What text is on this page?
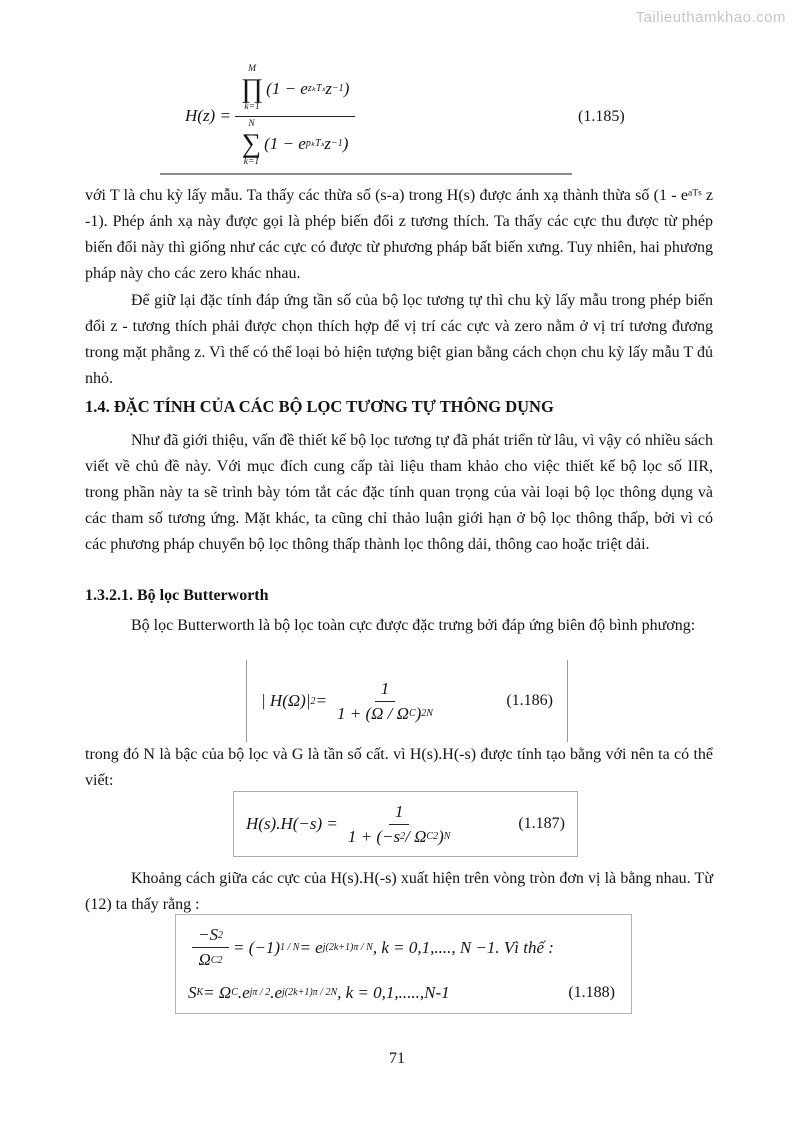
Tailieuthamkhao.com
H(z) =
M
∏
k=1
(1 − e zₖTₛ z −1 )
N
∑
k=1
(1 − e pₖTₛ z −1 )
(1.185)
với T là chu kỳ lấy mẫu. Ta thấy các thừa số (s-a) trong H(s) được ánh xạ thành thừa số (1 - eᵃᵀˢ z -1). Phép ánh xạ này được gọi là phép biến đổi z tương thích. Ta thấy các cực thu được từ phép biến đổi này thì giống như các cực có được từ phương pháp bất biến xưng. Tuy nhiên, hai phương pháp này cho các zero khác nhau.
Để giữ lại đặc tính đáp ứng tần số của bộ lọc tương tự thì chu kỳ lấy mẫu trong phép biến đổi z - tương thích phải được chọn thích hợp để vị trí các cực và zero nằm ở vị trí tương đương trong mặt phẳng z. Vì thế có thể loại bỏ hiện tượng biệt gian bằng cách chọn chu kỳ lấy mẫu T đủ nhỏ.
1.4. ĐẶC TÍNH CỦA CÁC BỘ LỌC TƯƠNG TỰ THÔNG DỤNG
Như đã giới thiệu, vấn đề thiết kế bộ lọc tương tự đã phát triển từ lâu, vì vậy có nhiều sách viết về chủ đề này. Với mục đích cung cấp tài liệu tham khảo cho việc thiết kế bộ lọc số IIR, trong phần này ta sẽ trình bày tóm tắt các đặc tính quan trọng của vài loại bộ lọc thông dụng và các tham số tương ứng. Mặt khác, ta cũng chỉ thảo luận giới hạn ở bộ lọc thông thấp, bởi vì có các phương pháp chuyển bộ lọc thông thấp thành lọc thông dải, thông cao hoặc triệt dải.
1.3.2.1. Bộ lọc Butterworth
Bộ lọc Butterworth là bộ lọc toàn cực được đặc trưng bởi đáp ứng biên độ bình phương:
| H(Ω)| $2 = \frac{1}{\text{1 + (Ω / Ω C ) 2N}}$	(1.186)
trong đó N là bậc của bộ lọc và G là tần số cất. vì H(s).H(-s) được tính tạo bằng với nên ta có thể viết:
$H(s).H(-s) = \frac{1}{\text{1 + (−s 2 / Ω C 2 ) N}}$	(1.187)
Khoảng cách giữa các cực của H(s).H(-s) xuất hiện trên vòng tròn đơn vị là bằng nhau. Từ (12) ta thấy rằng :
$\frac{-S 2}{\text{Ω C 2}} = (-1)$ 1 / N = e j(2k+1)π / N , k = 0,1,...., N −1. Vì thế :
S K = Ω C .e jπ / 2 .e j(2k+1)π / 2N , k = 0,1,.....,N-1	(1.188)
71
